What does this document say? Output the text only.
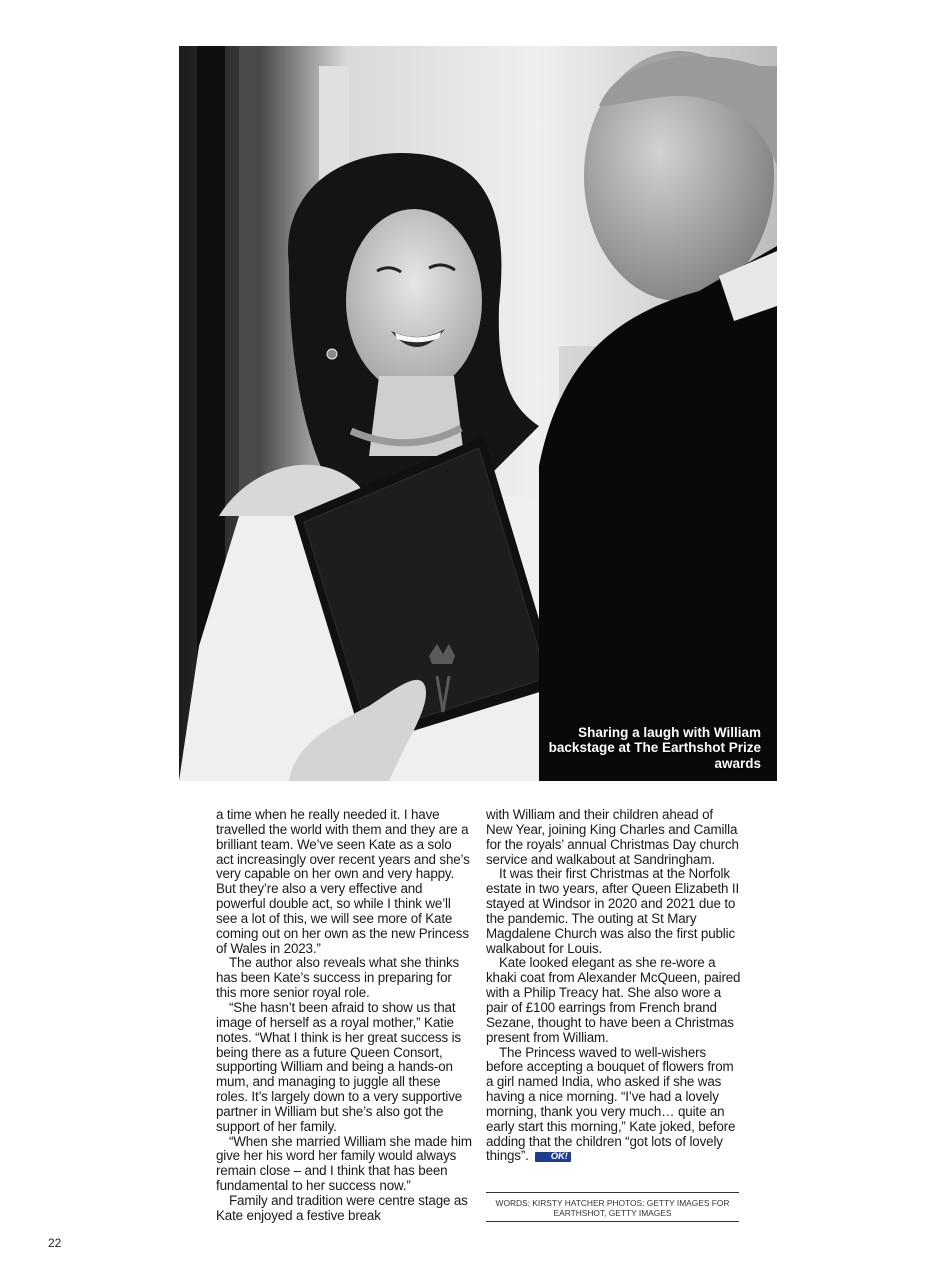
Sharing a laugh with William backstage at The Earthshot Prize awards

a time when he really needed it. I have travelled the world with them and they are a brilliant team. We’ve seen Kate as a solo act increasingly over recent years and she’s very capable on her own and very happy. But they’re also a very effective and powerful double act, so while I think we’ll see a lot of this, we will see more of Kate coming out on her own as the new Princess of Wales in 2023.”

The author also reveals what she thinks has been Kate’s success in preparing for this more senior royal role.

“She hasn’t been afraid to show us that image of herself as a royal mother,” Katie notes. “What I think is her great success is being there as a future Queen Consort, supporting William and being a hands-on mum, and managing to juggle all these roles. It’s largely down to a very supportive partner in William but she’s also got the support of her family.

“When she married William she made him give her his word her family would always remain close – and I think that has been fundamental to her success now.”

Family and tradition were centre stage as Kate enjoyed a festive break

with William and their children ahead of New Year, joining King Charles and Camilla for the royals’ annual Christmas Day church service and walkabout at Sandringham.

It was their first Christmas at the Norfolk estate in two years, after Queen Elizabeth II stayed at Windsor in 2020 and 2021 due to the pandemic. The outing at St Mary Magdalene Church was also the first public walkabout for Louis.

Kate looked elegant as she re-wore a khaki coat from Alexander McQueen, paired with a Philip Treacy hat. She also wore a pair of £100 earrings from French brand Sezane, thought to have been a Christmas present from William.

The Princess waved to well-wishers before accepting a bouquet of flowers from a girl named India, who asked if she was having a nice morning. “I’ve had a lovely morning, thank you very much… quite an early start this morning,” Kate joked, before adding that the children “got lots of lovely things”. OK!

WORDS: KIRSTY HATCHER PHOTOS: GETTY IMAGES FOR EARTHSHOT, GETTY IMAGES
22
